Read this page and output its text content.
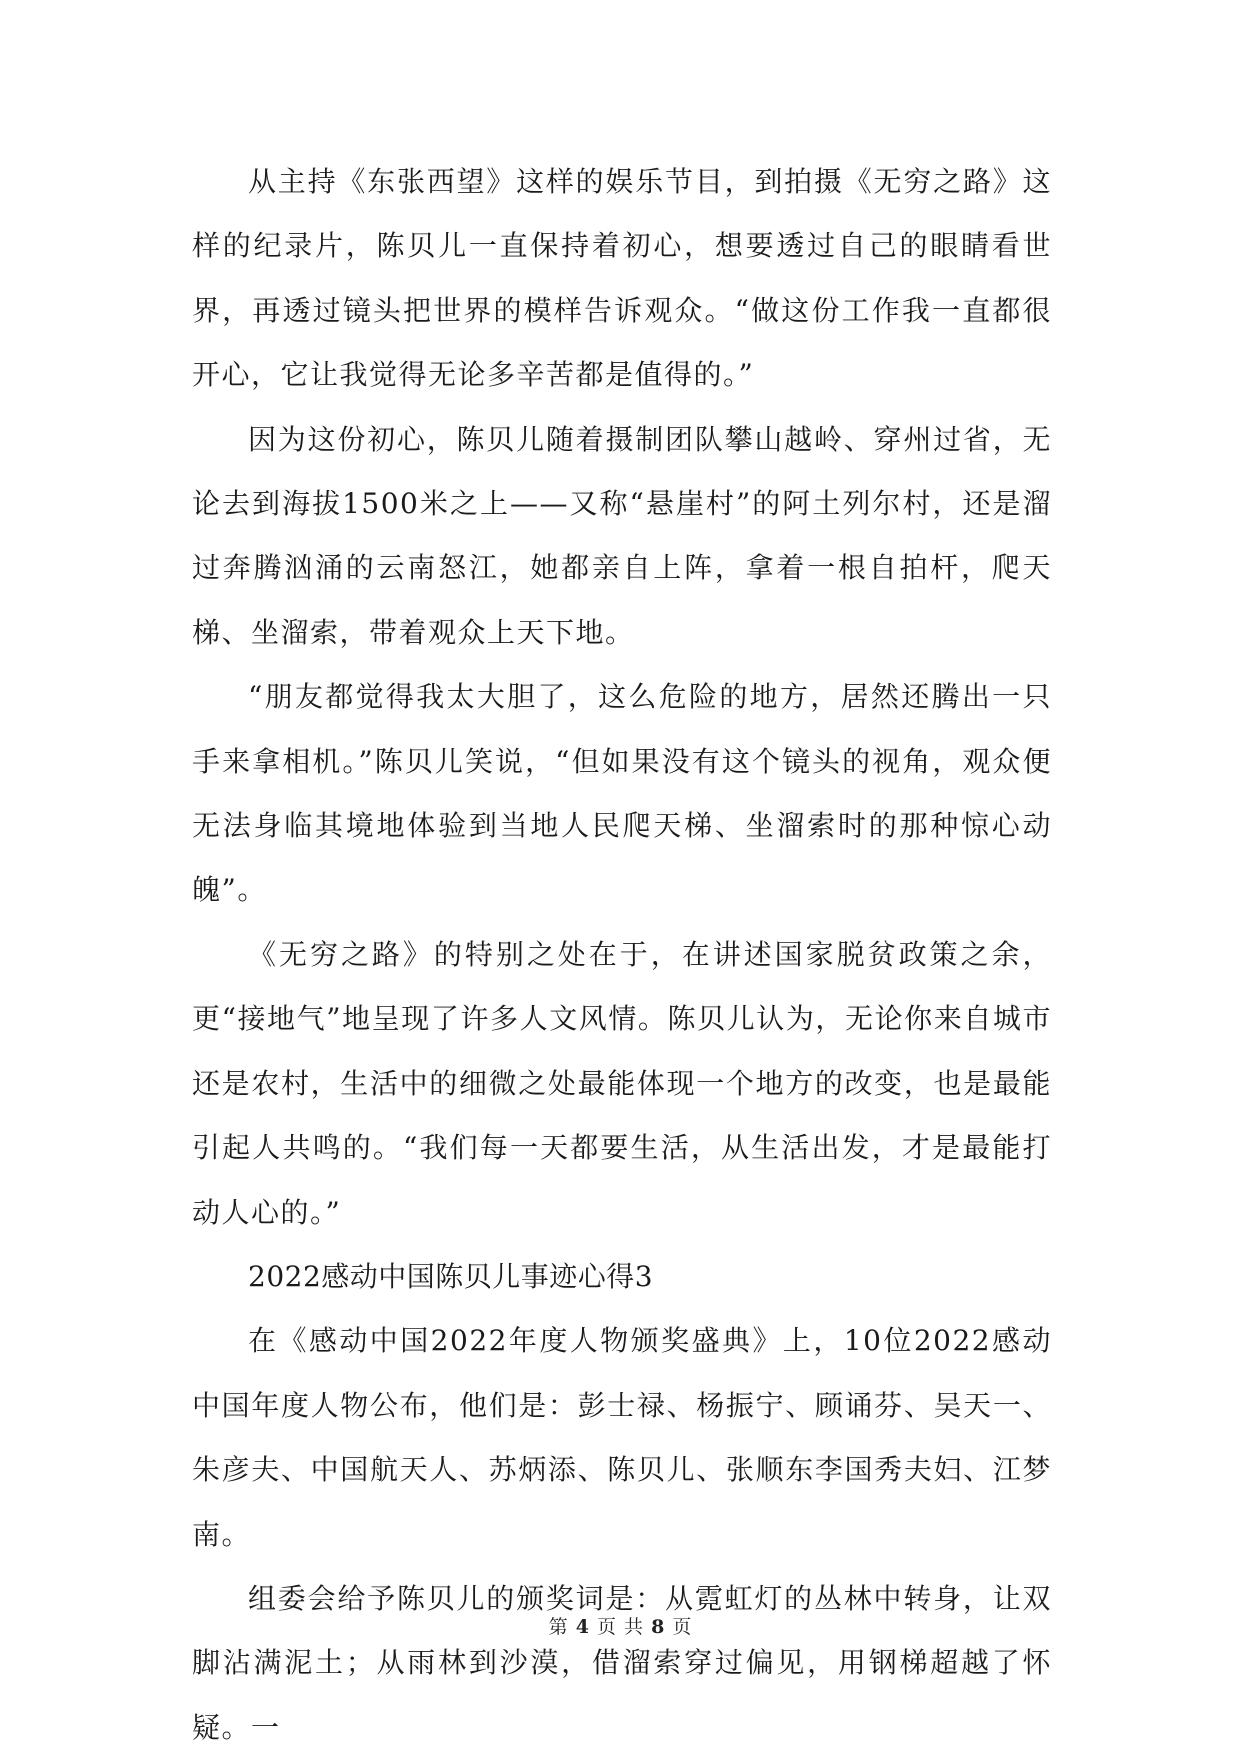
从主持《东张西望》这样的娱乐节目，到拍摄《无穷之路》这样的纪录片，陈贝儿一直保持着初心，想要透过自己的眼睛看世界，再透过镜头把世界的模样告诉观众。“做这份工作我一直都很开心，它让我觉得无论多辛苦都是值得的。”

因为这份初心，陈贝儿随着摄制团队攀山越岭、穿州过省，无论去到海拔1500米之上——又称“悬崖村”的阿土列尔村，还是溜过奔腾汹涌的云南怒江，她都亲自上阵，拿着一根自拍杆，爬天梯、坐溜索，带着观众上天下地。

“朋友都觉得我太大胆了，这么危险的地方，居然还腾出一只手来拿相机。”陈贝儿笑说，“但如果没有这个镜头的视角，观众便无法身临其境地体验到当地人民爬天梯、坐溜索时的那种惊心动魄”。

《无穷之路》的特别之处在于，在讲述国家脱贫政策之余，更“接地气”地呈现了许多人文风情。陈贝儿认为，无论你来自城市还是农村，生活中的细微之处最能体现一个地方的改变，也是最能引起人共鸣的。“我们每一天都要生活，从生活出发，才是最能打动人心的。”

2022感动中国陈贝儿事迹心得3

在《感动中国2022年度人物颁奖盛典》上，10位2022感动中国年度人物公布，他们是：彭士禄、杨振宁、顾诵芬、吴天一、朱彦夫、中国航天人、苏炳添、陈贝儿、张顺东李国秀夫妇、江梦南。

组委会给予陈贝儿的颁奖词是：从霓虹灯的丛林中转身，让双脚沾满泥土；从雨林到沙漠，借溜索穿过偏见，用钢梯超越了怀疑。一

第 4 页 共 8 页
